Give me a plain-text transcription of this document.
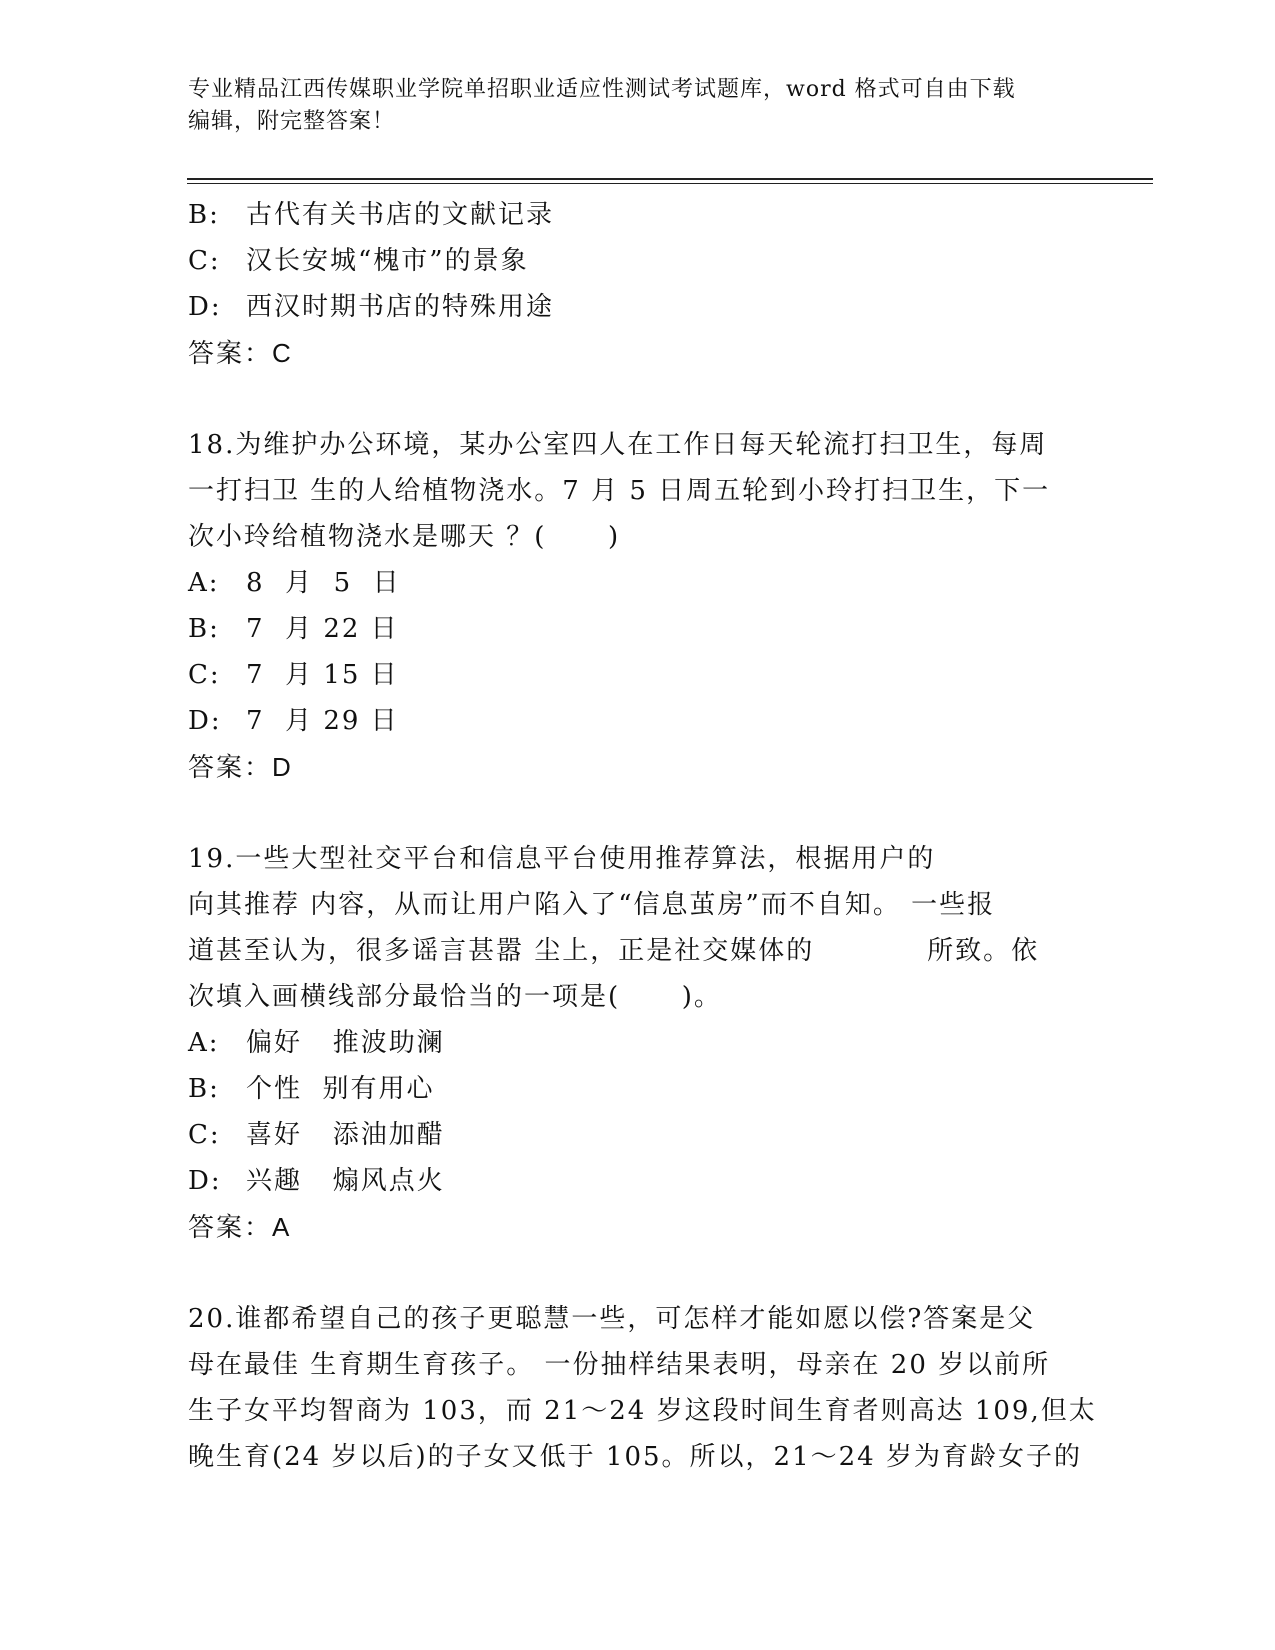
专业精品江西传媒职业学院单招职业适应性测试考试题库，word 格式可自由下载
编辑，附完整答案！
B: 古代有关书店的文献记录
C: 汉长安城“槐市”的景象
D: 西汉时期书店的特殊用途
答案：C
18.为维护办公环境，某办公室四人在工作日每天轮流打扫卫生，每周
一打扫卫 生的人给植物浇水。7 月 5 日周五轮到小玲打扫卫生，下一
次小玲给植物浇水是哪天 ？(      )
A: 8  月  5  日
B: 7  月 22 日
C: 7  月 15 日
D: 7  月 29 日
答案：D
19.一些大型社交平台和信息平台使用推荐算法，根据用户的
向其推荐 内容，从而让用户陷入了“信息茧房”而不自知。 一些报
道甚至认为，很多谣言甚嚣 尘上，正是社交媒体的           所致。依
次填入画横线部分最恰当的一项是(      )。
A: 偏好   推波助澜
B: 个性  别有用心
C: 喜好   添油加醋
D: 兴趣   煽风点火
答案：A
20.谁都希望自己的孩子更聪慧一些，可怎样才能如愿以偿?答案是父
母在最佳 生育期生育孩子。 一份抽样结果表明，母亲在 20 岁以前所
生子女平均智商为 103，而 21～24 岁这段时间生育者则高达 109,但太
晚生育(24 岁以后)的子女又低于 105。所以，21～24 岁为育龄女子的
